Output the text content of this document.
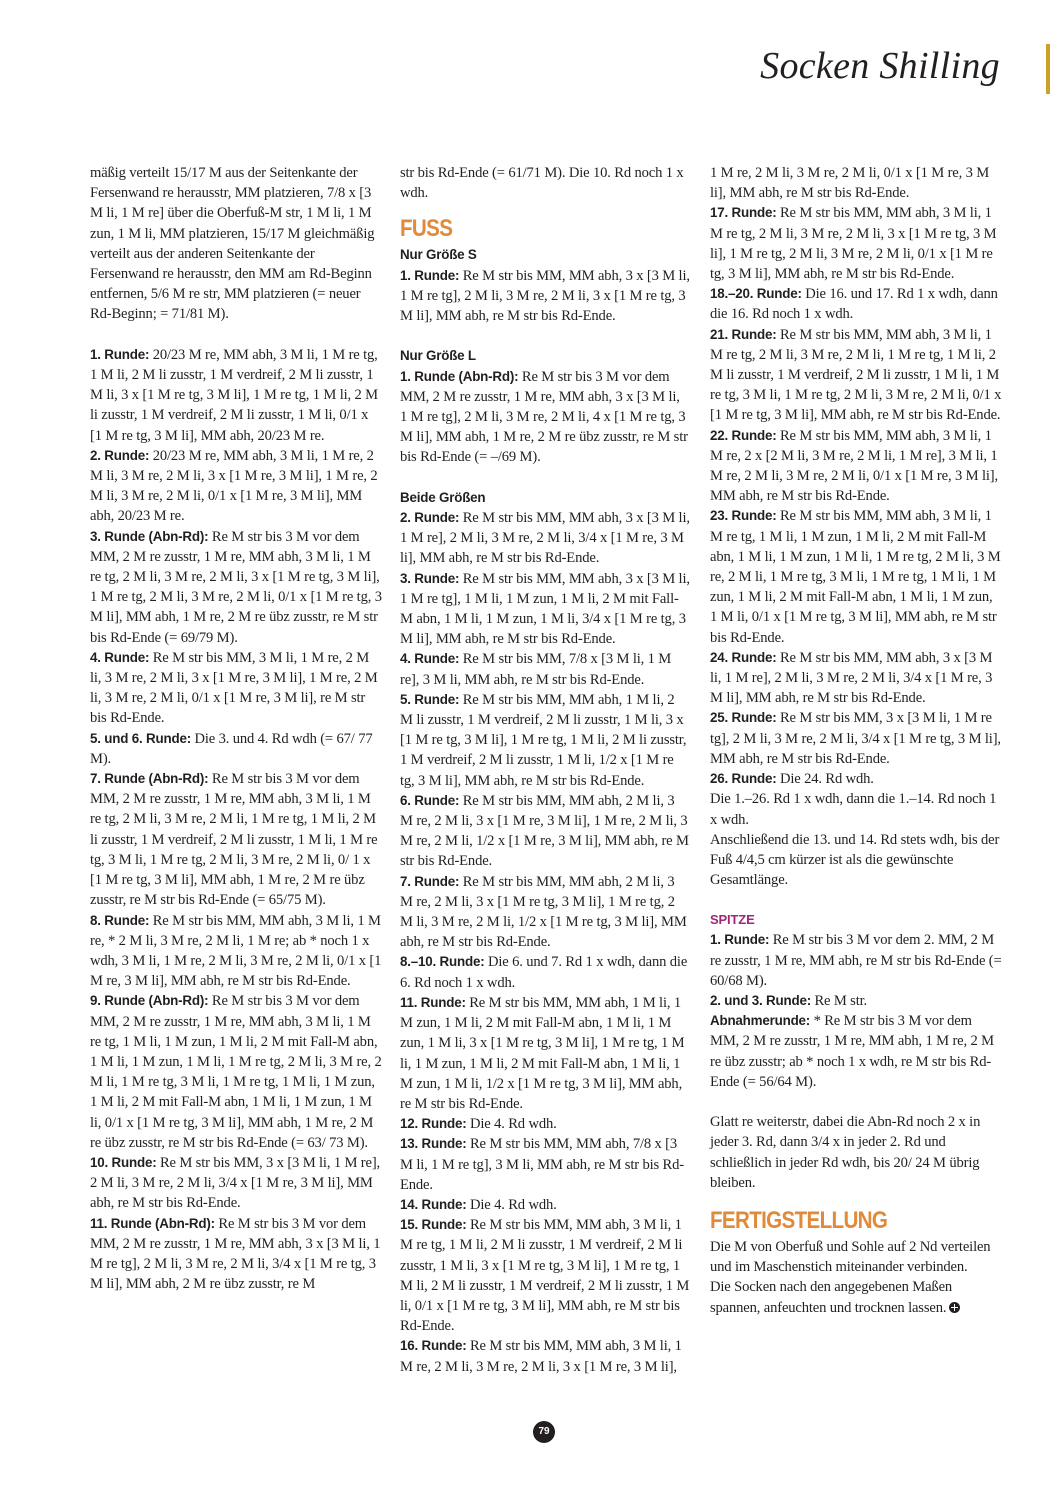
Socken Shilling

mäßig verteilt 15/17 M aus der Seitenkante der Fersenwand re herausstr, MM platzieren, 7/8 x [3 M li, 1 M re] über die Oberfuß-M str, 1 M li, 1 M zun, 1 M li, MM platzieren, 15/17 M gleichmäßig verteilt aus der anderen Seitenkante der Fersenwand re herausstr, den MM am Rd-Beginn entfernen, 5/6 M re str, MM platzieren (= neuer Rd-Beginn; = 71/81 M).

1. Runde: 20/23 M re, MM abh, 3 M li, 1 M re tg, 1 M li, 2 M li zusstr, 1 M verdreif, 2 M li zusstr, 1 M li, 3 x [1 M re tg, 3 M li], 1 M re tg, 1 M li, 2 M li zusstr, 1 M verdreif, 2 M li zusstr, 1 M li, 0/1 x [1 M re tg, 3 M li], MM abh, 20/23 M re.

2. Runde: 20/23 M re, MM abh, 3 M li, 1 M re, 2 M li, 3 M re, 2 M li, 3 x [1 M re, 3 M li], 1 M re, 2 M li, 3 M re, 2 M li, 0/1 x [1 M re, 3 M li], MM abh, 20/23 M re.

3. Runde (Abn-Rd): Re M str bis 3 M vor dem MM, 2 M re zusstr, 1 M re, MM abh, 3 M li, 1 M re tg, 2 M li, 3 M re, 2 M li, 3 x [1 M re tg, 3 M li], 1 M re tg, 2 M li, 3 M re, 2 M li, 0/1 x [1 M re tg, 3 M li], MM abh, 1 M re, 2 M re übz zusstr, re M str bis Rd-Ende (= 69/79 M).

4. Runde: Re M str bis MM, 3 M li, 1 M re, 2 M li, 3 M re, 2 M li, 3 x [1 M re, 3 M li], 1 M re, 2 M li, 3 M re, 2 M li, 0/1 x [1 M re, 3 M li], re M str bis Rd-Ende.

5. und 6. Runde: Die 3. und 4. Rd wdh (= 67/ 77 M).

7. Runde (Abn-Rd): Re M str bis 3 M vor dem MM, 2 M re zusstr, 1 M re, MM abh, 3 M li, 1 M re tg, 2 M li, 3 M re, 2 M li, 1 M re tg, 1 M li, 2 M li zusstr, 1 M verdreif, 2 M li zusstr, 1 M li, 1 M re tg, 3 M li, 1 M re tg, 2 M li, 3 M re, 2 M li, 0/ 1 x [1 M re tg, 3 M li], MM abh, 1 M re, 2 M re übz zusstr, re M str bis Rd-Ende (= 65/75 M).

8. Runde: Re M str bis MM, MM abh, 3 M li, 1 M re, * 2 M li, 3 M re, 2 M li, 1 M re; ab * noch 1 x wdh, 3 M li, 1 M re, 2 M li, 3 M re, 2 M li, 0/1 x [1 M re, 3 M li], MM abh, re M str bis Rd-Ende.

9. Runde (Abn-Rd): Re M str bis 3 M vor dem MM, 2 M re zusstr, 1 M re, MM abh, 3 M li, 1 M re tg, 1 M li, 1 M zun, 1 M li, 2 M mit Fall-M abn, 1 M li, 1 M zun, 1 M li, 1 M re tg, 2 M li, 3 M re, 2 M li, 1 M re tg, 3 M li, 1 M re tg, 1 M li, 1 M zun, 1 M li, 2 M mit Fall-M abn, 1 M li, 1 M zun, 1 M li, 0/1 x [1 M re tg, 3 M li], MM abh, 1 M re, 2 M re übz zusstr, re M str bis Rd-Ende (= 63/ 73 M).

10. Runde: Re M str bis MM, 3 x [3 M li, 1 M re], 2 M li, 3 M re, 2 M li, 3/4 x [1 M re, 3 M li], MM abh, re M str bis Rd-Ende.

11. Runde (Abn-Rd): Re M str bis 3 M vor dem MM, 2 M re zusstr, 1 M re, MM abh, 3 x [3 M li, 1 M re tg], 2 M li, 3 M re, 2 M li, 3/4 x [1 M re tg, 3 M li], MM abh, 2 M re übz zusstr, re M

str bis Rd-Ende (= 61/71 M). Die 10. Rd noch 1 x wdh.

FUSS
Nur Größe S

1. Runde: Re M str bis MM, MM abh, 3 x [3 M li, 1 M re tg], 2 M li, 3 M re, 2 M li, 3 x [1 M re tg, 3 M li], MM abh, re M str bis Rd-Ende.

Nur Größe L

1. Runde (Abn-Rd): Re M str bis 3 M vor dem MM, 2 M re zusstr, 1 M re, MM abh, 3 x [3 M li, 1 M re tg], 2 M li, 3 M re, 2 M li, 4 x [1 M re tg, 3 M li], MM abh, 1 M re, 2 M re übz zusstr, re M str bis Rd-Ende (= –/69 M).

Beide Größen

2. Runde: Re M str bis MM, MM abh, 3 x [3 M li, 1 M re], 2 M li, 3 M re, 2 M li, 3/4 x [1 M re, 3 M li], MM abh, re M str bis Rd-Ende.

3. Runde: Re M str bis MM, MM abh, 3 x [3 M li, 1 M re tg], 1 M li, 1 M zun, 1 M li, 2 M mit Fall-M abn, 1 M li, 1 M zun, 1 M li, 3/4 x [1 M re tg, 3 M li], MM abh, re M str bis Rd-Ende.

4. Runde: Re M str bis MM, 7/8 x [3 M li, 1 M re], 3 M li, MM abh, re M str bis Rd-Ende.

5. Runde: Re M str bis MM, MM abh, 1 M li, 2 M li zusstr, 1 M verdreif, 2 M li zusstr, 1 M li, 3 x [1 M re tg, 3 M li], 1 M re tg, 1 M li, 2 M li zusstr, 1 M verdreif, 2 M li zusstr, 1 M li, 1/2 x [1 M re tg, 3 M li], MM abh, re M str bis Rd-Ende.

6. Runde: Re M str bis MM, MM abh, 2 M li, 3 M re, 2 M li, 3 x [1 M re, 3 M li], 1 M re, 2 M li, 3 M re, 2 M li, 1/2 x [1 M re, 3 M li], MM abh, re M str bis Rd-Ende.

7. Runde: Re M str bis MM, MM abh, 2 M li, 3 M re, 2 M li, 3 x [1 M re tg, 3 M li], 1 M re tg, 2 M li, 3 M re, 2 M li, 1/2 x [1 M re tg, 3 M li], MM abh, re M str bis Rd-Ende.

8.–10. Runde: Die 6. und 7. Rd 1 x wdh, dann die 6. Rd noch 1 x wdh.

11. Runde: Re M str bis MM, MM abh, 1 M li, 1 M zun, 1 M li, 2 M mit Fall-M abn, 1 M li, 1 M zun, 1 M li, 3 x [1 M re tg, 3 M li], 1 M re tg, 1 M li, 1 M zun, 1 M li, 2 M mit Fall-M abn, 1 M li, 1 M zun, 1 M li, 1/2 x [1 M re tg, 3 M li], MM abh, re M str bis Rd-Ende.

12. Runde: Die 4. Rd wdh.

13. Runde: Re M str bis MM, MM abh, 7/8 x [3 M li, 1 M re tg], 3 M li, MM abh, re M str bis Rd-Ende.

14. Runde: Die 4. Rd wdh.

15. Runde: Re M str bis MM, MM abh, 3 M li, 1 M re tg, 1 M li, 2 M li zusstr, 1 M verdreif, 2 M li zusstr, 1 M li, 3 x [1 M re tg, 3 M li], 1 M re tg, 1 M li, 2 M li zusstr, 1 M verdreif, 2 M li zusstr, 1 M li, 0/1 x [1 M re tg, 3 M li], MM abh, re M str bis Rd-Ende.

16. Runde: Re M str bis MM, MM abh, 3 M li, 1 M re, 2 M li, 3 M re, 2 M li, 3 x [1 M re, 3 M li],

1 M re, 2 M li, 3 M re, 2 M li, 0/1 x [1 M re, 3 M li], MM abh, re M str bis Rd-Ende.

17. Runde: Re M str bis MM, MM abh, 3 M li, 1 M re tg, 2 M li, 3 M re, 2 M li, 3 x [1 M re tg, 3 M li], 1 M re tg, 2 M li, 3 M re, 2 M li, 0/1 x [1 M re tg, 3 M li], MM abh, re M str bis Rd-Ende.

18.–20. Runde: Die 16. und 17. Rd 1 x wdh, dann die 16. Rd noch 1 x wdh.

21. Runde: Re M str bis MM, MM abh, 3 M li, 1 M re tg, 2 M li, 3 M re, 2 M li, 1 M re tg, 1 M li, 2 M li zusstr, 1 M verdreif, 2 M li zusstr, 1 M li, 1 M re tg, 3 M li, 1 M re tg, 2 M li, 3 M re, 2 M li, 0/1 x [1 M re tg, 3 M li], MM abh, re M str bis Rd-Ende.

22. Runde: Re M str bis MM, MM abh, 3 M li, 1 M re, 2 x [2 M li, 3 M re, 2 M li, 1 M re], 3 M li, 1 M re, 2 M li, 3 M re, 2 M li, 0/1 x [1 M re, 3 M li], MM abh, re M str bis Rd-Ende.

23. Runde: Re M str bis MM, MM abh, 3 M li, 1 M re tg, 1 M li, 1 M zun, 1 M li, 2 M mit Fall-M abn, 1 M li, 1 M zun, 1 M li, 1 M re tg, 2 M li, 3 M re, 2 M li, 1 M re tg, 3 M li, 1 M re tg, 1 M li, 1 M zun, 1 M li, 2 M mit Fall-M abn, 1 M li, 1 M zun, 1 M li, 0/1 x [1 M re tg, 3 M li], MM abh, re M str bis Rd-Ende.

24. Runde: Re M str bis MM, MM abh, 3 x [3 M li, 1 M re], 2 M li, 3 M re, 2 M li, 3/4 x [1 M re, 3 M li], MM abh, re M str bis Rd-Ende.

25. Runde: Re M str bis MM, 3 x [3 M li, 1 M re tg], 2 M li, 3 M re, 2 M li, 3/4 x [1 M re tg, 3 M li], MM abh, re M str bis Rd-Ende.

26. Runde: Die 24. Rd wdh.

Die 1.–26. Rd 1 x wdh, dann die 1.–14. Rd noch 1 x wdh.

Anschließend die 13. und 14. Rd stets wdh, bis der Fuß 4/4,5 cm kürzer ist als die gewünschte Gesamtlänge.

SPITZE

1. Runde: Re M str bis 3 M vor dem 2. MM, 2 M re zusstr, 1 M re, MM abh, re M str bis Rd-Ende (= 60/68 M).

2. und 3. Runde: Re M str.

Abnahmerunde: * Re M str bis 3 M vor dem MM, 2 M re zusstr, 1 M re, MM abh, 1 M re, 2 M re übz zusstr; ab * noch 1 x wdh, re M str bis Rd-Ende (= 56/64 M).

Glatt re weiterstr, dabei die Abn-Rd noch 2 x in jeder 3. Rd, dann 3/4 x in jeder 2. Rd und schließlich in jeder Rd wdh, bis 20/ 24 M übrig bleiben.

FERTIGSTELLUNG

Die M von Oberfuß und Sohle auf 2 Nd verteilen und im Maschenstich miteinander verbinden.

Die Socken nach den angegebenen Maßen spannen, anfeuchten und trocknen lassen.

79
